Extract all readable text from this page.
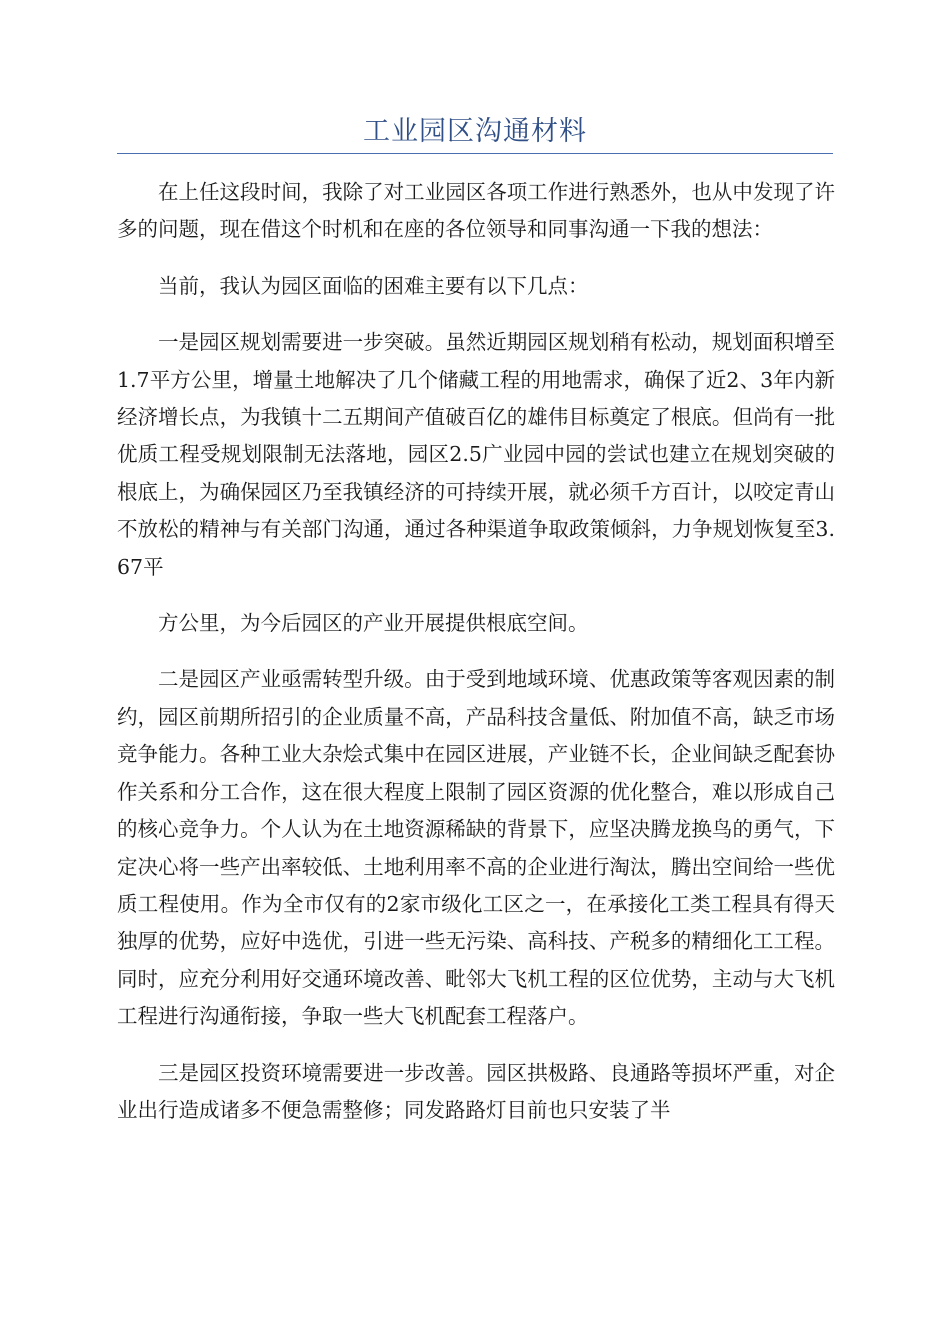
工业园区沟通材料

在上任这段时间，我除了对工业园区各项工作进行熟悉外，也从中发现了许多的问题，现在借这个时机和在座的各位领导和同事沟通一下我的想法：

当前，我认为园区面临的困难主要有以下几点：

一是园区规划需要进一步突破。虽然近期园区规划稍有松动，规划面积增至1.7平方公里，增量土地解决了几个储藏工程的用地需求，确保了近2、3年内新经济增长点，为我镇十二五期间产值破百亿的雄伟目标奠定了根底。但尚有一批优质工程受规划限制无法落地，园区2.5广业园中园的尝试也建立在规划突破的根底上，为确保园区乃至我镇经济的可持续开展，就必须千方百计，以咬定青山不放松的精神与有关部门沟通，通过各种渠道争取政策倾斜，力争规划恢复至3.67平

方公里，为今后园区的产业开展提供根底空间。

二是园区产业亟需转型升级。由于受到地域环境、优惠政策等客观因素的制约，园区前期所招引的企业质量不高，产品科技含量低、附加值不高，缺乏市场竞争能力。各种工业大杂烩式集中在园区进展，产业链不长，企业间缺乏配套协作关系和分工合作，这在很大程度上限制了园区资源的优化整合，难以形成自己的核心竞争力。个人认为在土地资源稀缺的背景下，应坚决腾龙换鸟的勇气，下定决心将一些产出率较低、土地利用率不高的企业进行淘汰，腾出空间给一些优质工程使用。作为全市仅有的2家市级化工区之一，在承接化工类工程具有得天独厚的优势，应好中选优，引进一些无污染、高科技、产税多的精细化工工程。同时，应充分利用好交通环境改善、毗邻大飞机工程的区位优势，主动与大飞机工程进行沟通衔接，争取一些大飞机配套工程落户。

三是园区投资环境需要进一步改善。园区拱极路、良通路等损坏严重，对企业出行造成诸多不便急需整修；同发路路灯目前也只安装了半
